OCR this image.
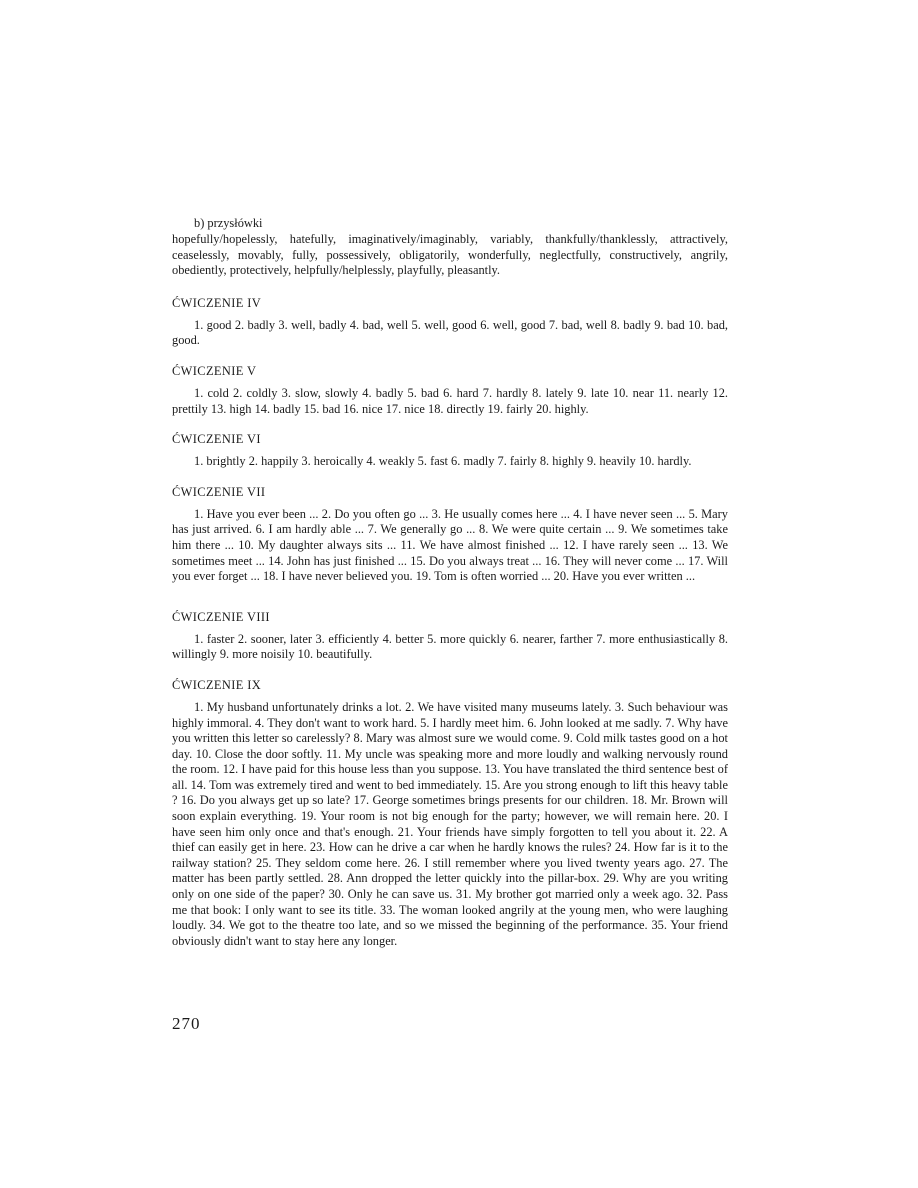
b) przysłówki

hopefully/hopelessly, hatefully, imaginatively/imaginably, variably, thankfully/thanklessly, attractively, ceaselessly, movably, fully, possessively, obligatorily, wonderfully, neglectfully, constructively, angrily, obediently, protectively, helpfully/helplessly, playfully, pleasantly.

ĆWICZENIE IV

1. good 2. badly 3. well, badly 4. bad, well 5. well, good 6. well, good 7. bad, well 8. badly 9. bad 10. bad, good.

ĆWICZENIE V

1. cold 2. coldly 3. slow, slowly 4. badly 5. bad 6. hard 7. hardly 8. lately 9. late 10. near 11. nearly 12. prettily 13. high 14. badly 15. bad 16. nice 17. nice 18. directly 19. fairly 20. highly.

ĆWICZENIE VI

1. brightly 2. happily 3. heroically 4. weakly 5. fast 6. madly 7. fairly 8. highly 9. heavily 10. hardly.

ĆWICZENIE VII

1. Have you ever been ... 2. Do you often go ... 3. He usually comes here ... 4. I have never seen ... 5. Mary has just arrived. 6. I am hardly able ... 7. We generally go ... 8. We were quite certain ... 9. We sometimes take him there ... 10. My daughter always sits ... 11. We have almost finished ... 12. I have rarely seen ... 13. We sometimes meet ... 14. John has just finished ... 15. Do you always treat ... 16. They will never come ... 17. Will you ever forget ... 18. I have never believed you. 19. Tom is often worried ... 20. Have you ever written ...

ĆWICZENIE VIII

1. faster 2. sooner, later 3. efficiently 4. better 5. more quickly 6. nearer, farther 7. more enthusiastically 8. willingly 9. more noisily 10. beautifully.

ĆWICZENIE IX

1. My husband unfortunately drinks a lot. 2. We have visited many museums lately. 3. Such behaviour was highly immoral. 4. They don't want to work hard. 5. I hardly meet him. 6. John looked at me sadly. 7. Why have you written this letter so carelessly? 8. Mary was almost sure we would come. 9. Cold milk tastes good on a hot day. 10. Close the door softly. 11. My uncle was speaking more and more loudly and walking nervously round the room. 12. I have paid for this house less than you suppose. 13. You have translated the third sentence best of all. 14. Tom was extremely tired and went to bed immediately. 15. Are you strong enough to lift this heavy table ? 16. Do you always get up so late? 17. George sometimes brings presents for our children. 18. Mr. Brown will soon explain everything. 19. Your room is not big enough for the party; however, we will remain here. 20. I have seen him only once and that's enough. 21. Your friends have simply forgotten to tell you about it. 22. A thief can easily get in here. 23. How can he drive a car when he hardly knows the rules? 24. How far is it to the railway station? 25. They seldom come here. 26. I still remember where you lived twenty years ago. 27. The matter has been partly settled. 28. Ann dropped the letter quickly into the pillar-box. 29. Why are you writing only on one side of the paper? 30. Only he can save us. 31. My brother got married only a week ago. 32. Pass me that book: I only want to see its title. 33. The woman looked angrily at the young men, who were laughing loudly. 34. We got to the theatre too late, and so we missed the beginning of the performance. 35. Your friend obviously didn't want to stay here any longer.

270
